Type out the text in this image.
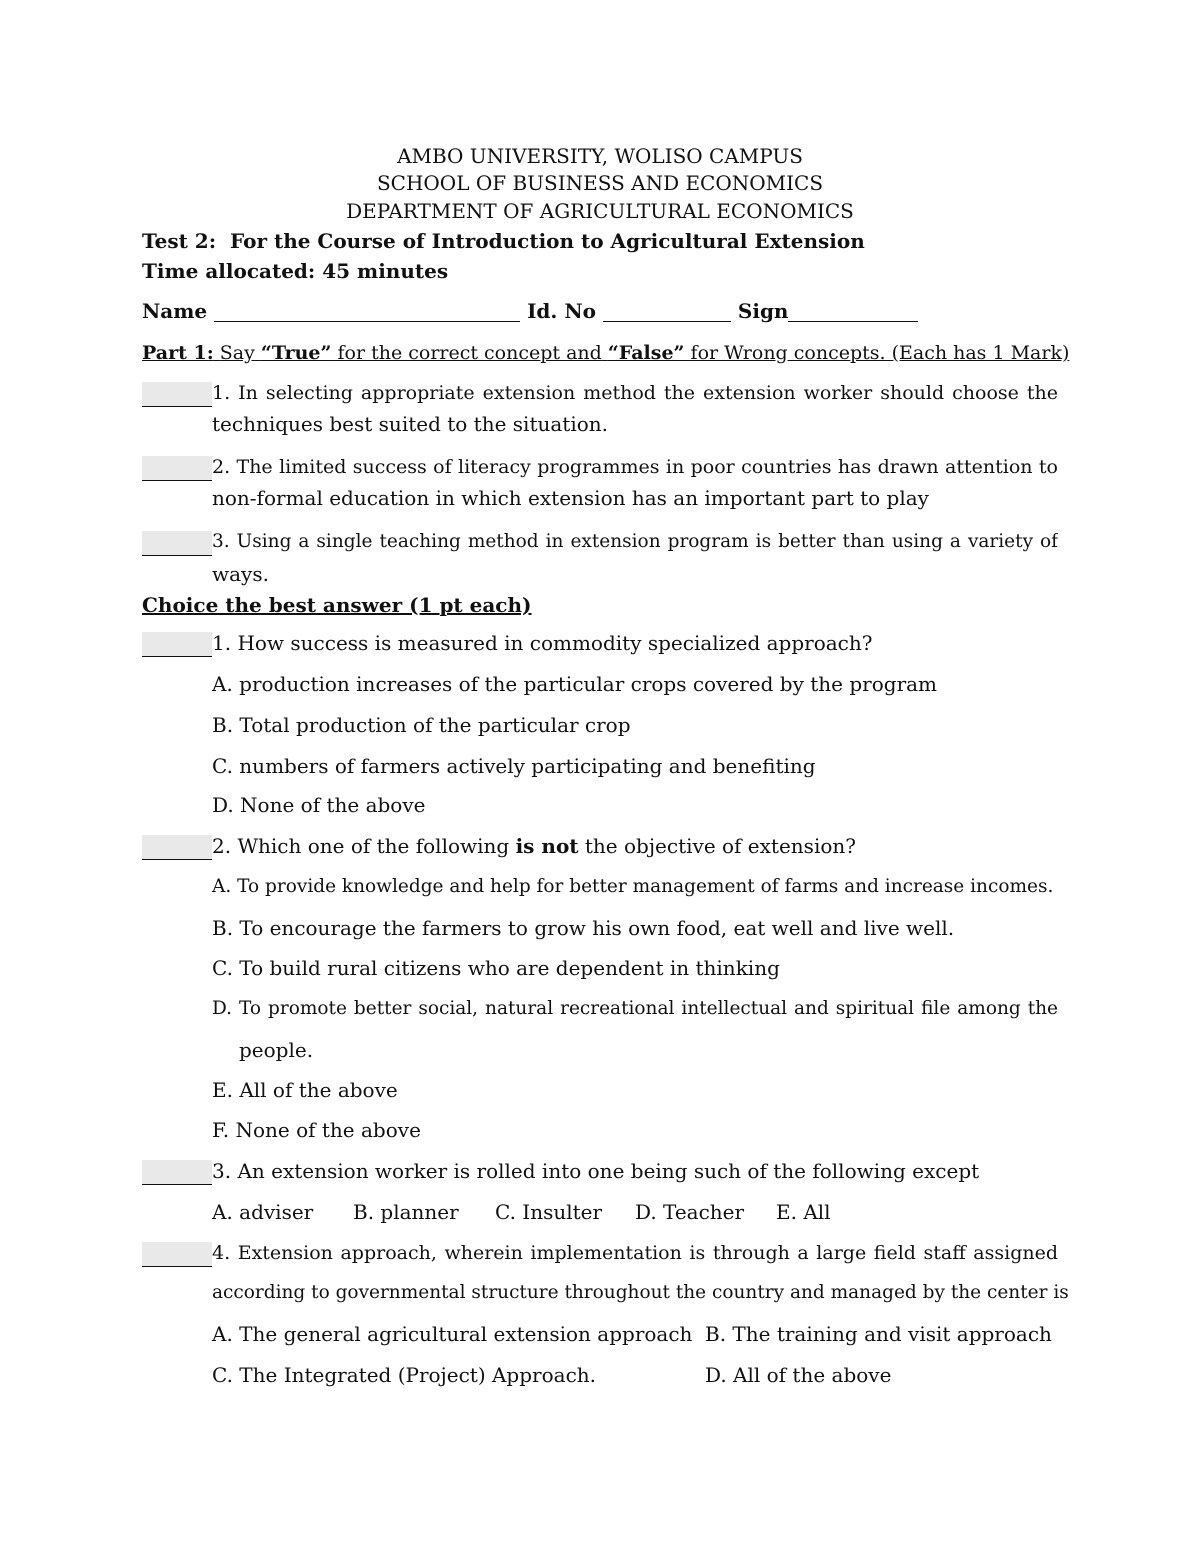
AMBO UNIVERSITY, WOLISO CAMPUS
SCHOOL OF BUSINESS AND ECONOMICS
DEPARTMENT OF AGRICULTURAL ECONOMICS
Test 2: For the Course of Introduction to Agricultural Extension
Time allocated: 45 minutes
Name	Id. No	Sign
Part 1: Say “True” for the correct concept and “False” for Wrong concepts. (Each has 1 Mark)
1. In selecting appropriate extension method the extension worker should choose the
techniques best suited to the situation.
2. The limited success of literacy programmes in poor countries has drawn attention to
non-formal education in which extension has an important part to play
3. Using a single teaching method in extension program is better than using a variety of
ways.
Choice the best answer (1 pt each)
1. How success is measured in commodity specialized approach?
A. production increases of the particular crops covered by the program
B. Total production of the particular crop
C. numbers of farmers actively participating and benefiting
D. None of the above
2. Which one of the following is not the objective of extension?
A. To provide knowledge and help for better management of farms and increase incomes.
B. To encourage the farmers to grow his own food, eat well and live well.
C. To build rural citizens who are dependent in thinking
D. To promote better social, natural recreational intellectual and spiritual file among the
people.
E. All of the above
F. None of the above
3. An extension worker is rolled into one being such of the following except
A. adviser B. planner C. Insulter D. Teacher E. All
4. Extension approach, wherein implementation is through a large field staff assigned
according to governmental structure throughout the country and managed by the center is
A. The general agricultural extension approach B. The training and visit approach
C. The Integrated (Project) Approach.	D. All of the above
